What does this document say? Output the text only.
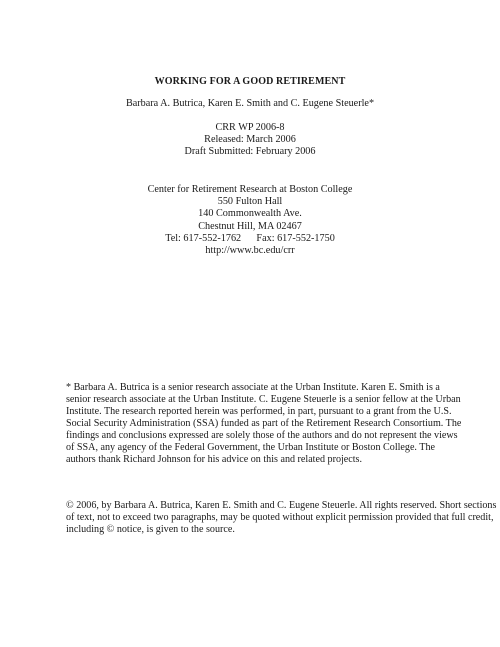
WORKING FOR A GOOD RETIREMENT
Barbara A. Butrica, Karen E. Smith and C. Eugene Steuerle*
CRR WP 2006-8
Released: March 2006
Draft Submitted: February 2006
Center for Retirement Research at Boston College
550 Fulton Hall
140 Commonwealth Ave.
Chestnut Hill, MA 02467
Tel: 617-552-1762      Fax: 617-552-1750
http://www.bc.edu/crr
* Barbara A. Butrica is a senior research associate at the Urban Institute. Karen E. Smith is a
senior research associate at the Urban Institute. C. Eugene Steuerle is a senior fellow at the Urban
Institute. The research reported herein was performed, in part, pursuant to a grant from the U.S.
Social Security Administration (SSA) funded as part of the Retirement Research Consortium. The
findings and conclusions expressed are solely those of the authors and do not represent the views
of SSA, any agency of the Federal Government, the Urban Institute or Boston College. The
authors thank Richard Johnson for his advice on this and related projects.
© 2006, by Barbara A. Butrica, Karen E. Smith and C. Eugene Steuerle. All rights reserved. Short sections
of text, not to exceed two paragraphs, may be quoted without explicit permission provided that full credit,
including © notice, is given to the source.
